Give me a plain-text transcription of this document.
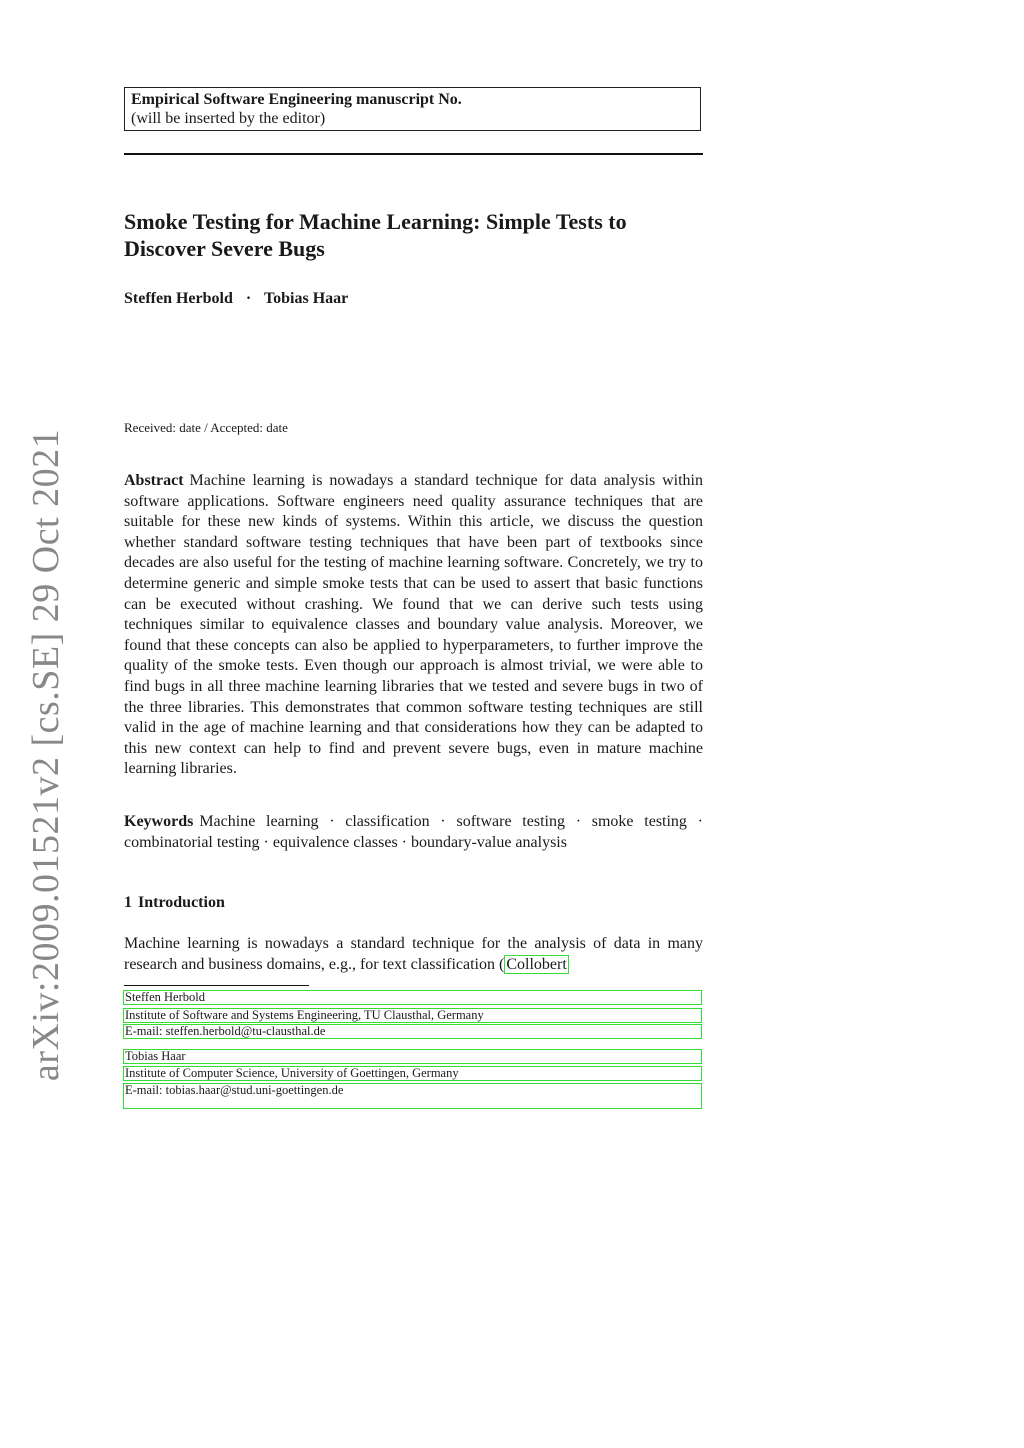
Empirical Software Engineering manuscript No.
(will be inserted by the editor)
Smoke Testing for Machine Learning: Simple Tests to Discover Severe Bugs
Steffen Herbold · Tobias Haar
Received: date / Accepted: date

Abstract Machine learning is nowadays a standard technique for data analysis within software applications. Software engineers need quality assurance techniques that are suitable for these new kinds of systems. Within this article, we discuss the question whether standard software testing techniques that have been part of textbooks since decades are also useful for the testing of machine learning software. Concretely, we try to determine generic and simple smoke tests that can be used to assert that basic functions can be executed without crashing. We found that we can derive such tests using techniques similar to equivalence classes and boundary value analysis. Moreover, we found that these concepts can also be applied to hyperparameters, to further improve the quality of the smoke tests. Even though our approach is almost trivial, we were able to find bugs in all three machine learning libraries that we tested and severe bugs in two of the three libraries. This demonstrates that common software testing techniques are still valid in the age of machine learning and that considerations how they can be adapted to this new context can help to find and prevent severe bugs, even in mature machine learning libraries.

Keywords Machine learning · classification · software testing · smoke testing · combinatorial testing · equivalence classes · boundary-value analysis

1 Introduction

Machine learning is nowadays a standard technique for the analysis of data in many research and business domains, e.g., for text classification ( Collobert

Steffen Herbold
Institute of Software and Systems Engineering, TU Clausthal, Germany
E-mail: steffen.herbold@tu-clausthal.de
Tobias Haar
Institute of Computer Science, University of Goettingen, Germany
E-mail: tobias.haar@stud.uni-goettingen.de
arXiv:2009.01521v2 [cs.SE] 29 Oct 2021
